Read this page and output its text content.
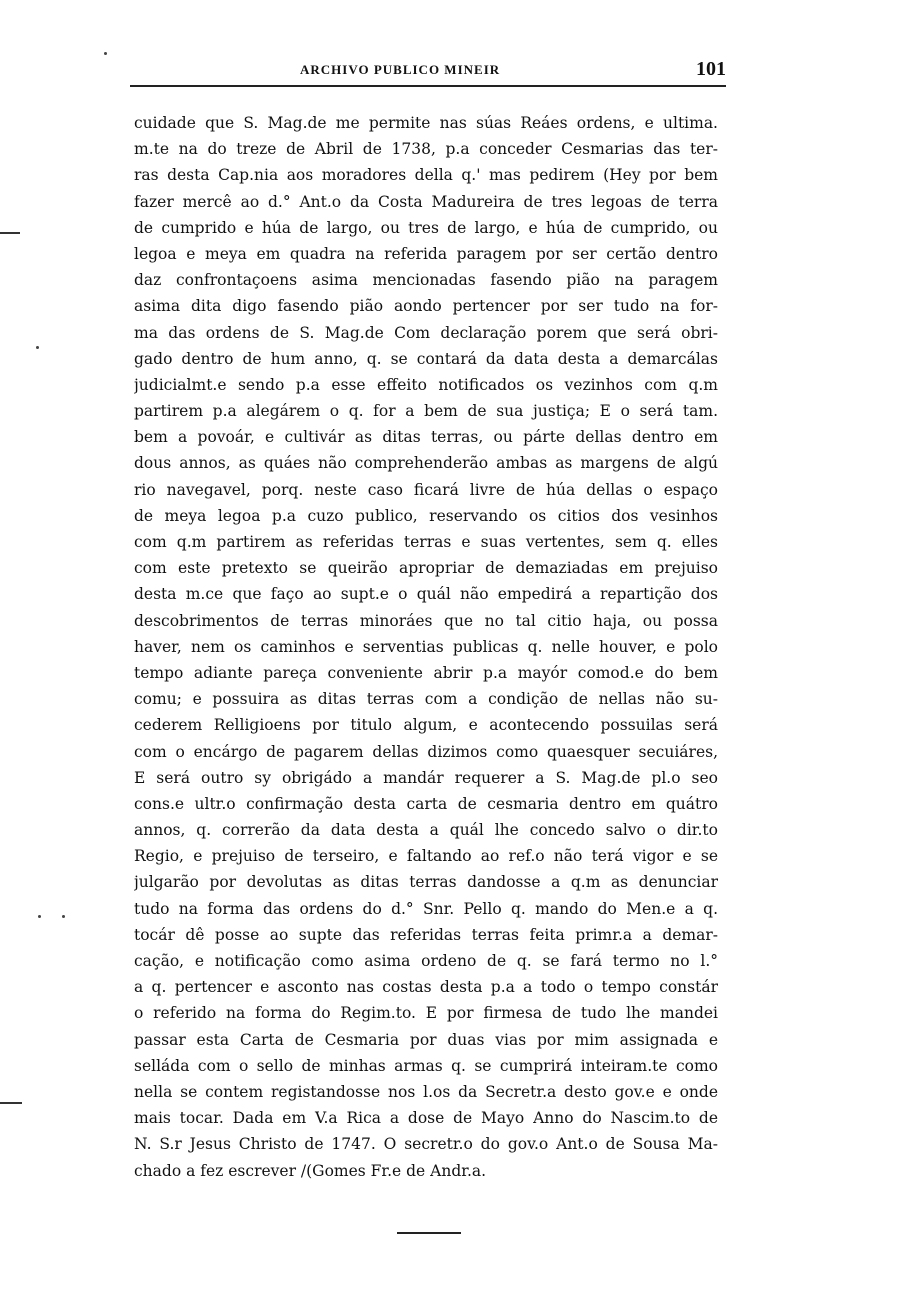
ARCHIVO PUBLICO MINEIR	101
cuidade que S. Mag.de me permite nas súas Reáes ordens, e ultima.
m.te na do treze de Abril de 1738, p.a conceder Cesmarias das ter-
ras desta Cap.nia aos moradores della q.' mas pedirem (Hey por bem
fazer mercê ao d.° Ant.o da Costa Madureira de tres legoas de terra
de cumprido e húa de largo, ou tres de largo, e húa de cumprido, ou
legoa e meya em quadra na referida paragem por ser certão dentro
daz confrontaçoens asima mencionadas fasendo pião na paragem
asima dita digo fasendo pião aondo pertencer por ser tudo na for-
ma das ordens de S. Mag.de Com declaração porem que será obri-
gado dentro de hum anno, q. se contará da data desta a demarcálas
judicialmt.e sendo p.a esse effeito notificados os vezinhos com q.m
partirem p.a alegárem o q. for a bem de sua justiça; E o será tam.
bem a povoár, e cultivár as ditas terras, ou párte dellas dentro em
dous annos, as quáes não comprehenderão ambas as margens de algú
rio navegavel, porq. neste caso ficará livre de húa dellas o espaço
de meya legoa p.a cuzo publico, reservando os citios dos vesinhos
com q.m partirem as referidas terras e suas vertentes, sem q. elles
com este pretexto se queirão apropriar de demaziadas em prejuiso
desta m.ce que faço ao supt.e o quál não empedirá a repartição dos
descobrimentos de terras minoráes que no tal citio haja, ou possa
haver, nem os caminhos e serventias publicas q. nelle houver, e polo
tempo adiante pareça conveniente abrir p.a mayór comod.e do bem
comu; e possuira as ditas terras com a condição de nellas não su-
cederem Relligioens por titulo algum, e acontecendo possuilas será
com o encárgo de pagarem dellas dizimos como quaesquer secuiáres,
E será outro sy obrigádo a mandár requerer a S. Mag.de pl.o seo
cons.e ultr.o confirmação desta carta de cesmaria dentro em quátro
annos, q. correrão da data desta a quál lhe concedo salvo o dir.to
Regio, e prejuiso de terseiro, e faltando ao ref.o não terá vigor e se
julgarão por devolutas as ditas terras dandosse a q.m as denunciar
tudo na forma das ordens do d.° Snr. Pello q. mando do Men.e a q.
tocár dê posse ao supte das referidas terras feita primr.a a demar-
cação, e notificação como asima ordeno de q. se fará termo no l.°
a q. pertencer e asconto nas costas desta p.a a todo o tempo constár
o referido na forma do Regim.to. E por firmesa de tudo lhe mandei
passar esta Carta de Cesmaria por duas vias por mim assignada e
selláda com o sello de minhas armas q. se cumprirá inteiram.te como
nella se contem registandosse nos l.os da Secretr.a desto gov.e e onde
mais tocar. Dada em V.a Rica a dose de Mayo Anno do Nascim.to de
N. S.r Jesus Christo de 1747. O secretr.o do gov.o Ant.o de Sousa Ma-
chado a fez escrever /(Gomes Fr.e de Andr.a.
